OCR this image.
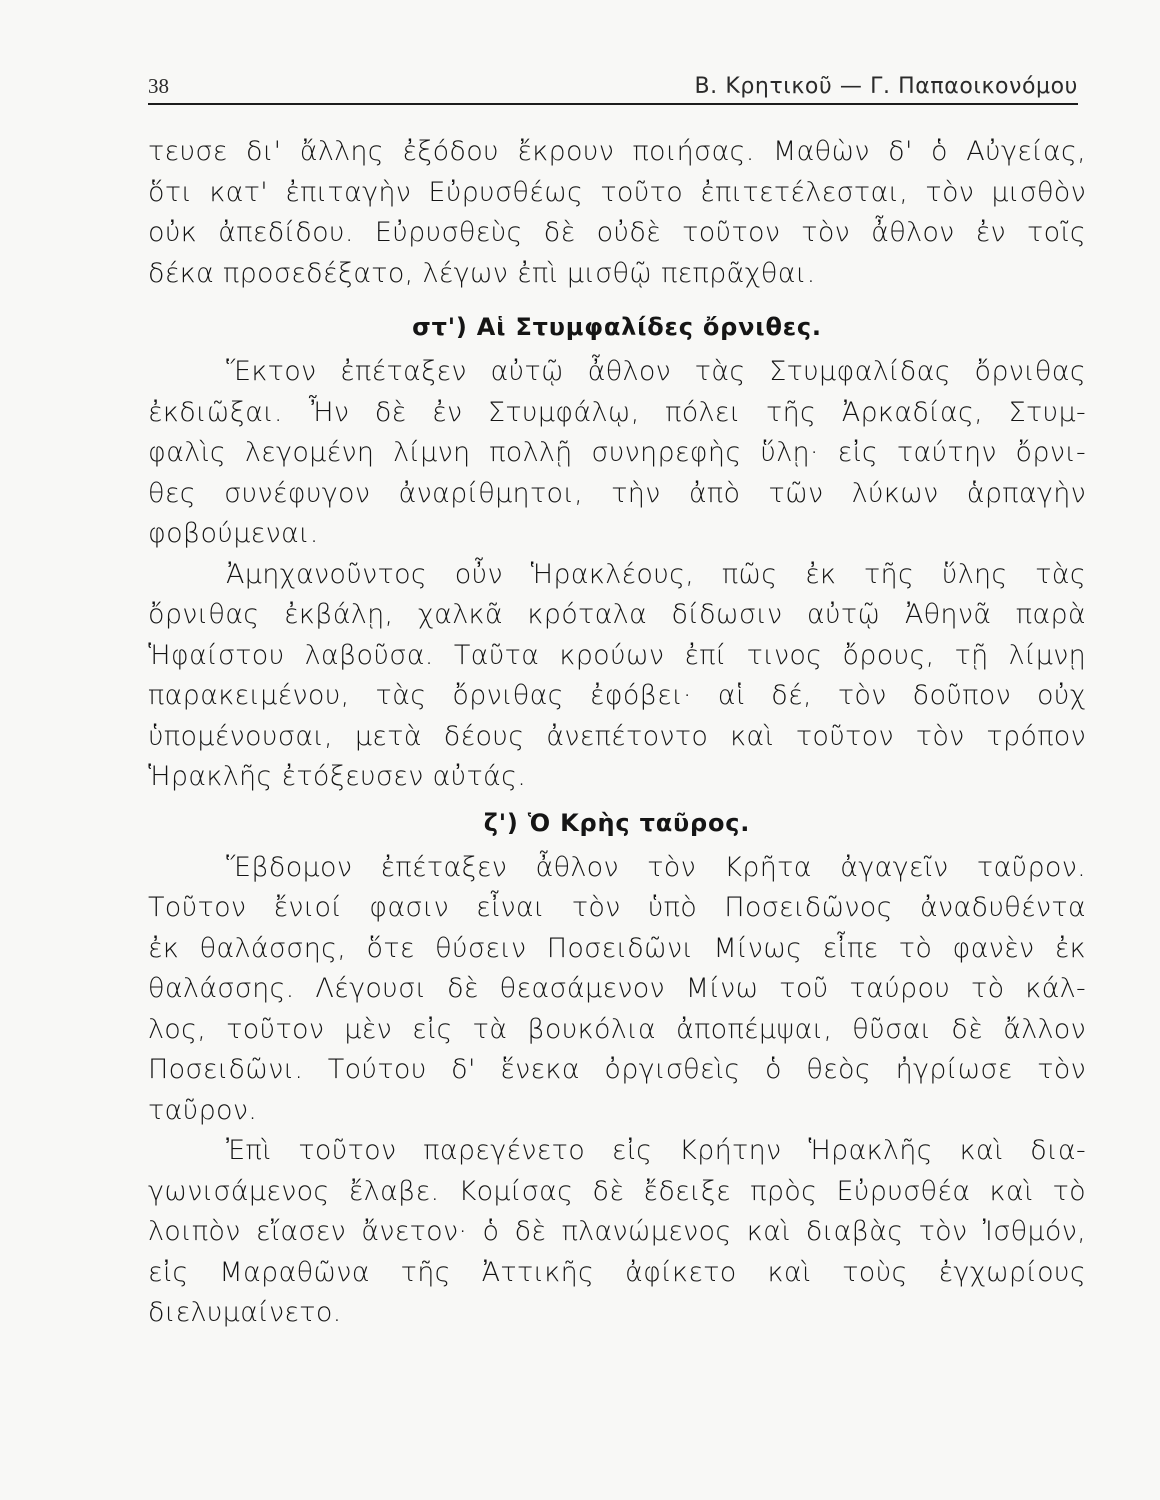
38	Β. Κρητικοῦ — Γ. Παπαοικονόμου
τευσε δι' ἄλλης ἐξόδου ἔκρουν ποιήσας. Μαθὼν δ' ὁ Αὐγείας,
ὅτι κατ' ἐπιταγὴν Εὐρυσθέως τοῦτο ἐπιτετέλεσται, τὸν μισθὸν
οὐκ ἀπεδίδου. Εὐρυσθεὺς δὲ οὐδὲ τοῦτον τὸν ἆθλον ἐν τοῖς
δέκα προσεδέξατο, λέγων ἐπὶ μισθῷ πεπρᾶχθαι.
στ') Αἱ Στυμφαλίδες ὄρνιθες.
Ἕκτον ἐπέταξεν αὐτῷ ἆθλον τὰς Στυμφαλίδας ὄρνιθας
ἐκδιῶξαι. Ἦν δὲ ἐν Στυμφάλῳ, πόλει τῆς Ἀρκαδίας, Στυμ-
φαλὶς λεγομένη λίμνη πολλῇ συνηρεφὴς ὕλῃ· εἰς ταύτην ὄρνι-
θες συνέφυγον ἀναρίθμητοι, τὴν ἀπὸ τῶν λύκων ἁρπαγὴν
φοβούμεναι.
Ἀμηχανοῦντος οὖν Ἡρακλέους, πῶς ἐκ τῆς ὕλης τὰς
ὄρνιθας ἐκβάλῃ, χαλκᾶ κρόταλα δίδωσιν αὐτῷ Ἀθηνᾶ παρὰ
Ἡφαίστου λαβοῦσα. Ταῦτα κρούων ἐπί τινος ὄρους, τῇ λίμνῃ
παρακειμένου, τὰς ὄρνιθας ἐφόβει· αἱ δέ, τὸν δοῦπον οὐχ
ὑπομένουσαι, μετὰ δέους ἀνεπέτοντο καὶ τοῦτον τὸν τρόπον
Ἡρακλῆς ἐτόξευσεν αὐτάς.
ζ') Ὁ Κρὴς ταῦρος.
Ἕβδομον ἐπέταξεν ἆθλον τὸν Κρῆτα ἀγαγεῖν ταῦρον.
Τοῦτον ἔνιοί φασιν εἶναι τὸν ὑπὸ Ποσειδῶνος ἀναδυθέντα
ἐκ θαλάσσης, ὅτε θύσειν Ποσειδῶνι Μίνως εἶπε τὸ φανὲν ἐκ
θαλάσσης. Λέγουσι δὲ θεασάμενον Μίνω τοῦ ταύρου τὸ κάλ-
λος, τοῦτον μὲν εἰς τὰ βουκόλια ἀποπέμψαι, θῦσαι δὲ ἄλλον
Ποσειδῶνι. Τούτου δ' ἕνεκα ὀργισθεὶς ὁ θεὸς ἠγρίωσε τὸν
ταῦρον.
Ἐπὶ τοῦτον παρεγένετο εἰς Κρήτην Ἡρακλῆς καὶ δια-
γωνισάμενος ἔλαβε. Κομίσας δὲ ἔδειξε πρὸς Εὐρυσθέα καὶ τὸ
λοιπὸν εἴασεν ἄνετον· ὁ δὲ πλανώμενος καὶ διαβὰς τὸν Ἰσθμόν,
εἰς Μαραθῶνα τῆς Ἀττικῆς ἀφίκετο καὶ τοὺς ἐγχωρίους
διελυμαίνετο.
